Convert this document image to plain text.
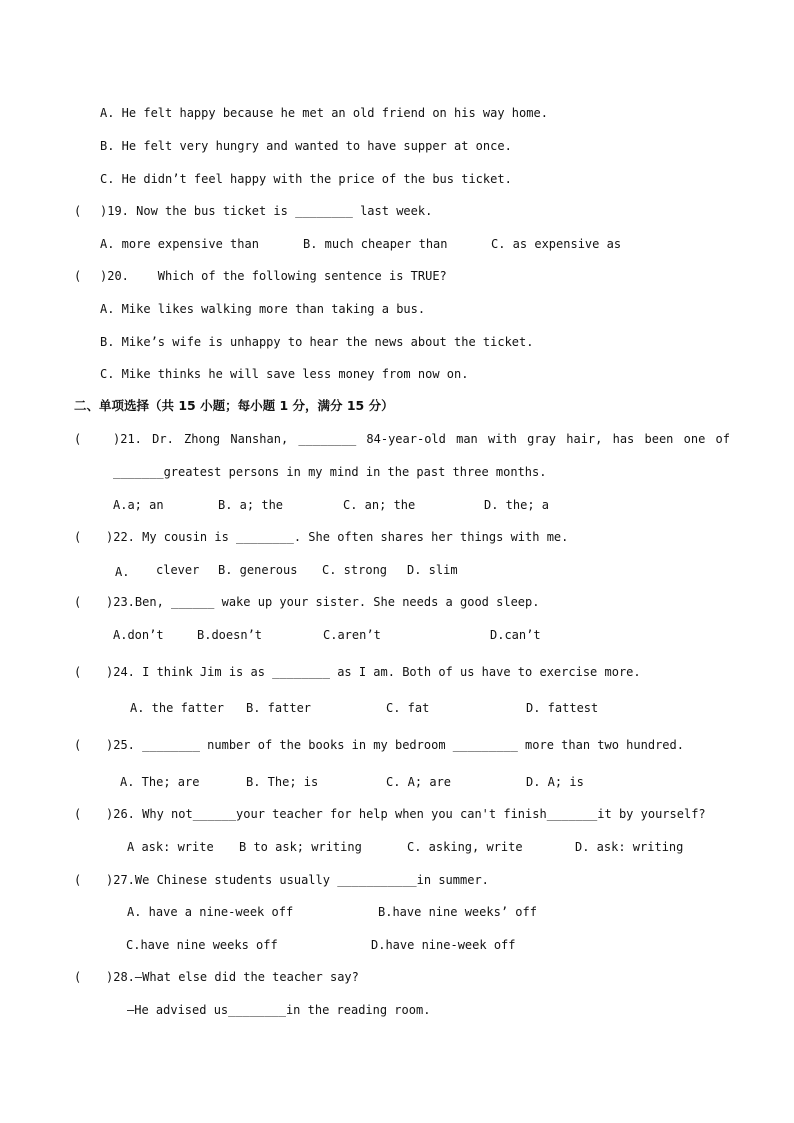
A. He felt happy because he met an old friend on his way home.
B. He felt very hungry and wanted to have supper at once.
C. He didn’t feel happy with the price of the bus ticket.
( )19. Now the bus ticket is ________ last week.
A. more expensive than	B. much cheaper than	C. as expensive as
( )20.    Which of the following sentence is TRUE?
A. Mike likes walking more than taking a bus.
B. Mike’s wife is unhappy to hear the news about the ticket.
C. Mike thinks he will save less money from now on.
二、单项选择（共 15 小题；每小题 1 分，满分 15 分）
(	)21. Dr. Zhong Nanshan, ________ 84-year-old man with gray hair, has been one of
_______greatest persons in my mind in the past three months.
A.a; an	B. a; the	C. an; the	D. the; a
( )22. My cousin is ________. She often shares her things with me.
A. clever B. generous C. strong D. slim
( )23.Ben, ______ wake up your sister. She needs a good sleep.
A.don’t	B.doesn’t	C.aren’t	D.can’t
( )24. I think Jim is as ________ as I am. Both of us have to exercise more.
A. the fatter B. fatter	C. fat	D. fattest
( )25. ________ number of the books in my bedroom _________ more than two hundred.
A. The; are	B. The; is	C. A; are	D. A; is
( )26. Why not______your teacher for help when you can't finish_______it by yourself?
A ask: write B to ask; writing	C. asking, write	D. ask: writing
( )27.We Chinese students usually ___________in summer.
A. have a nine-week off	B.have nine weeks’ off
C.have nine weeks off	D.have nine-week off
( )28.—What else did the teacher say?
—He advised us________in the reading room.
